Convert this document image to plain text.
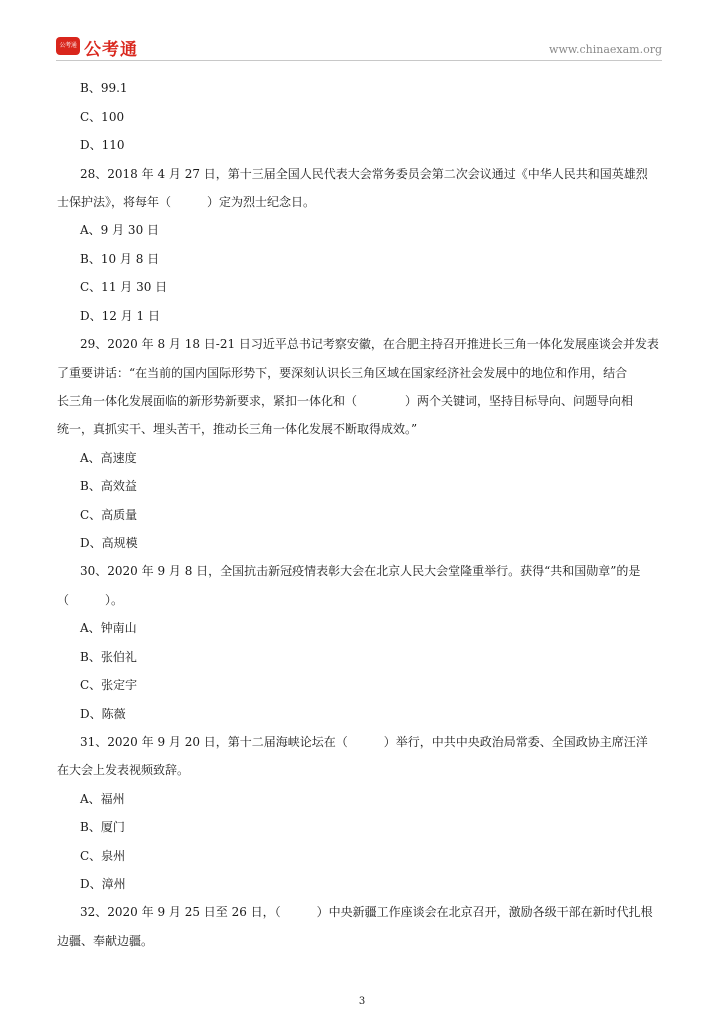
公考通 公考通	www.chinaexam.org
B、99.1
C、100
D、110
28、2018 年 4 月 27 日，第十三届全国人民代表大会常务委员会第二次会议通过《中华人民共和国英雄烈
士保护法》，将每年（　　　）定为烈士纪念日。
A、9 月 30 日
B、10 月 8 日
C、11 月 30 日
D、12 月 1 日
29、2020 年 8 月 18 日-21 日习近平总书记考察安徽，在合肥主持召开推进长三角一体化发展座谈会并发表
了重要讲话：“在当前的国内国际形势下，要深刻认识长三角区域在国家经济社会发展中的地位和作用，结合
长三角一体化发展面临的新形势新要求，紧扣一体化和（　　　　）两个关键词，坚持目标导向、问题导向相
统一，真抓实干、埋头苦干，推动长三角一体化发展不断取得成效。”
A、高速度
B、高效益
C、高质量
D、高规模
30、2020 年 9 月 8 日，全国抗击新冠疫情表彰大会在北京人民大会堂隆重举行。获得“共和国勋章”的是
（　　　）。
A、钟南山
B、张伯礼
C、张定宇
D、陈薇
31、2020 年 9 月 20 日，第十二届海峡论坛在（　　　）举行，中共中央政治局常委、全国政协主席汪洋
在大会上发表视频致辞。
A、福州
B、厦门
C、泉州
D、漳州
32、2020 年 9 月 25 日至 26 日，（　　　）中央新疆工作座谈会在北京召开，激励各级干部在新时代扎根
边疆、奉献边疆。
3
